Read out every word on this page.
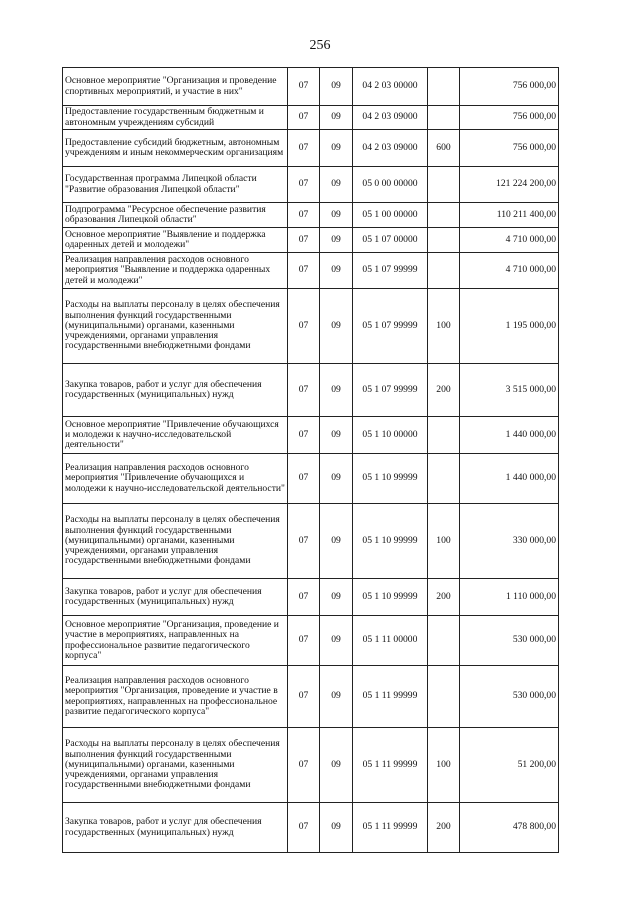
256
Основное мероприятие "Организация и проведение спортивных мероприятий, и участие в них"	07	09	04 2 03 00000		756 000,00
Предоставление государственным бюджетным и автономным учреждениям субсидий	07	09	04 2 03 09000		756 000,00
Предоставление субсидий бюджетным, автономным учреждениям и иным некоммерческим организациям	07	09	04 2 03 09000	600	756 000,00
Государственная программа Липецкой области "Развитие образования Липецкой области"	07	09	05 0 00 00000		121 224 200,00
Подпрограмма "Ресурсное обеспечение развития образования Липецкой области"	07	09	05 1 00 00000		110 211 400,00
Основное мероприятие "Выявление и поддержка одаренных детей и молодежи"	07	09	05 1 07 00000		4 710 000,00
Реализация направления расходов основного мероприятия "Выявление и поддержка одаренных детей и молодежи"	07	09	05 1 07 99999		4 710 000,00
Расходы на выплаты персоналу в целях обеспечения выполнения функций государственными (муниципальными) органами, казенными учреждениями, органами управления государственными внебюджетными фондами	07	09	05 1 07 99999	100	1 195 000,00
Закупка товаров, работ и услуг для обеспечения государственных (муниципальных) нужд	07	09	05 1 07 99999	200	3 515 000,00
Основное мероприятие "Привлечение обучающихся и молодежи к научно-исследовательской деятельности"	07	09	05 1 10 00000		1 440 000,00
Реализация направления расходов основного мероприятия "Привлечение обучающихся и молодежи к научно-исследовательской деятельности"	07	09	05 1 10 99999		1 440 000,00
Расходы на выплаты персоналу в целях обеспечения выполнения функций государственными (муниципальными) органами, казенными учреждениями, органами управления государственными внебюджетными фондами	07	09	05 1 10 99999	100	330 000,00
Закупка товаров, работ и услуг для обеспечения государственных (муниципальных) нужд	07	09	05 1 10 99999	200	1 110 000,00
Основное мероприятие "Организация, проведение и участие в мероприятиях, направленных на профессиональное развитие педагогического корпуса"	07	09	05 1 11 00000		530 000,00
Реализация направления расходов основного мероприятия "Организация, проведение и участие в мероприятиях, направленных на профессиональное развитие педагогического корпуса"	07	09	05 1 11 99999		530 000,00
Расходы на выплаты персоналу в целях обеспечения выполнения функций государственными (муниципальными) органами, казенными учреждениями, органами управления государственными внебюджетными фондами	07	09	05 1 11 99999	100	51 200,00
Закупка товаров, работ и услуг для обеспечения государственных (муниципальных) нужд	07	09	05 1 11 99999	200	478 800,00
